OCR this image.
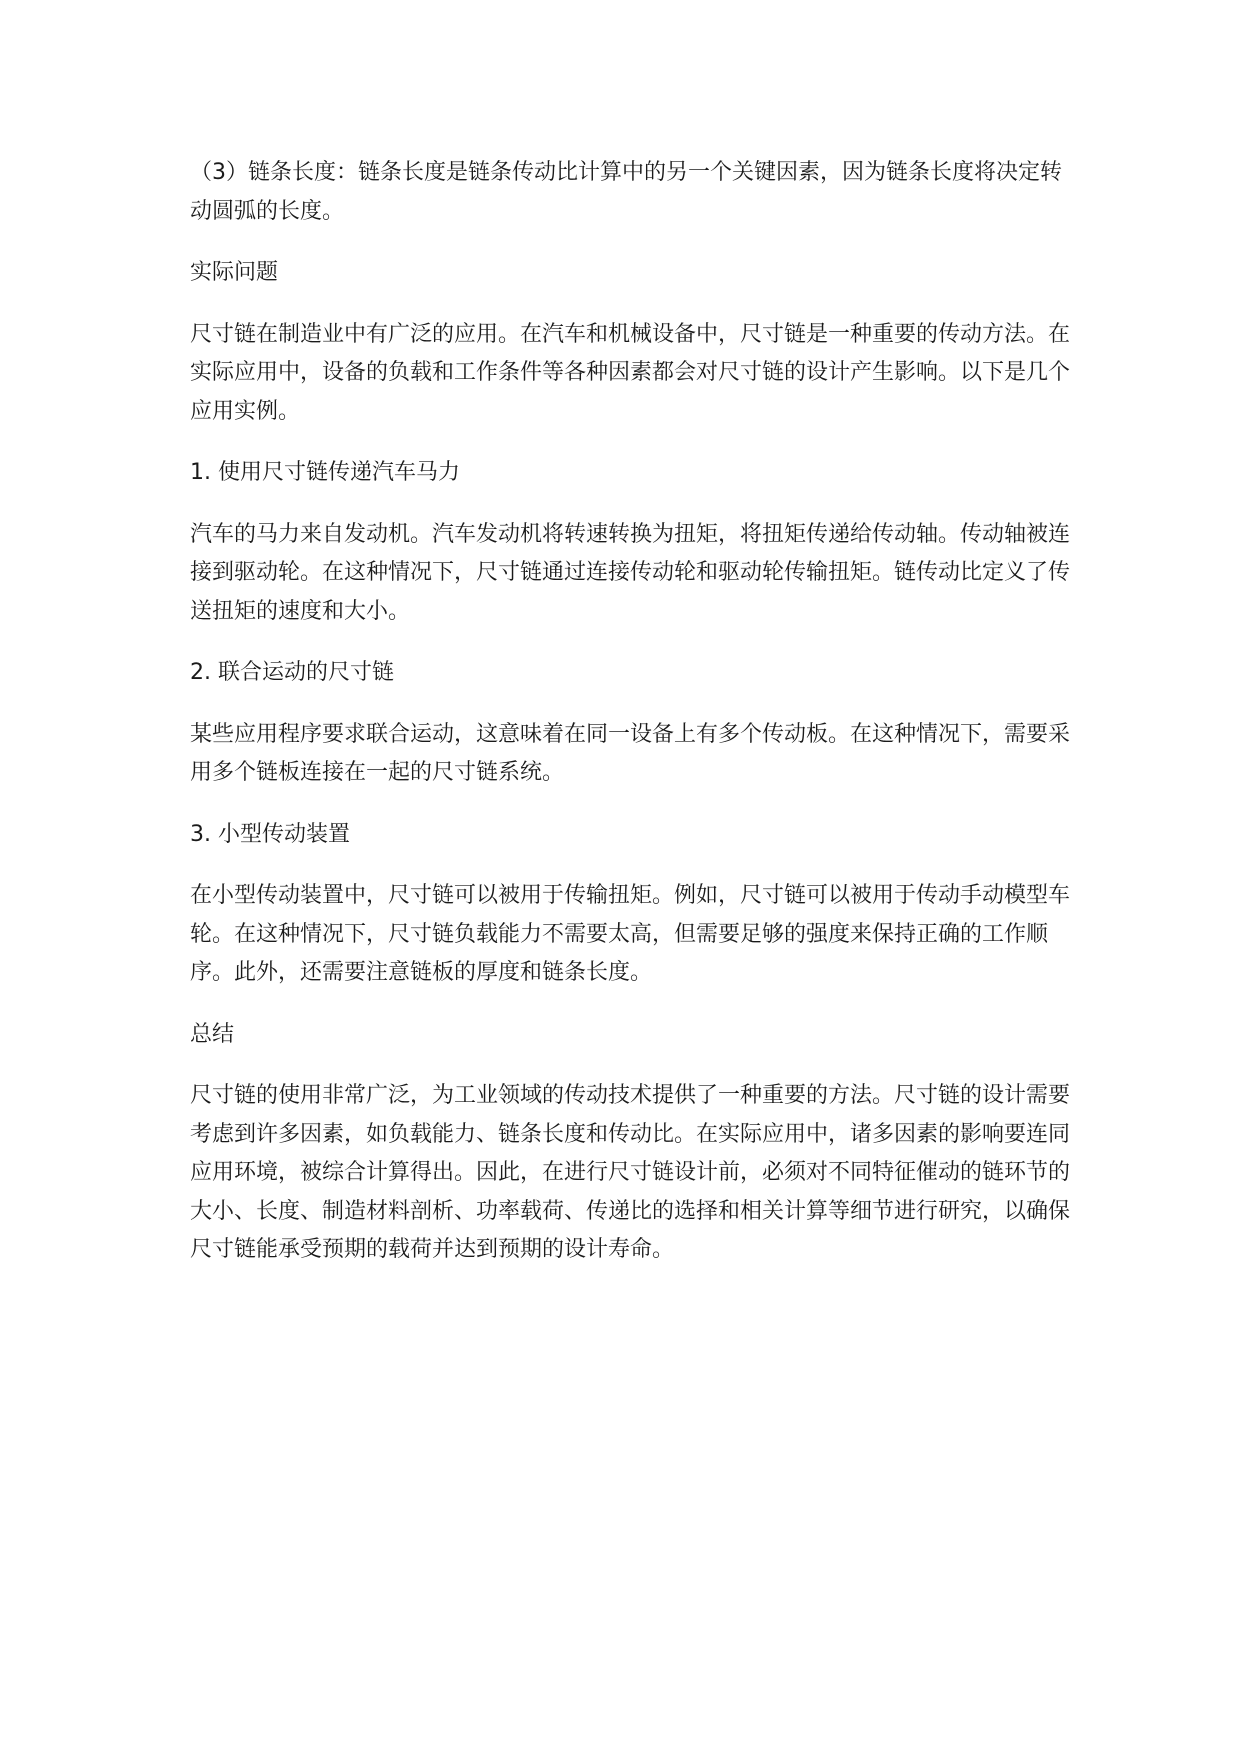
（3）链条长度：链条长度是链条传动比计算中的另一个关键因素，因为链条长度将决定转动圆弧的长度。

实际问题

尺寸链在制造业中有广泛的应用。在汽车和机械设备中，尺寸链是一种重要的传动方法。在实际应用中，设备的负载和工作条件等各种因素都会对尺寸链的设计产生影响。以下是几个应用实例。

1. 使用尺寸链传递汽车马力

汽车的马力来自发动机。汽车发动机将转速转换为扭矩，将扭矩传递给传动轴。传动轴被连接到驱动轮。在这种情况下，尺寸链通过连接传动轮和驱动轮传输扭矩。链传动比定义了传送扭矩的速度和大小。

2. 联合运动的尺寸链

某些应用程序要求联合运动，这意味着在同一设备上有多个传动板。在这种情况下，需要采用多个链板连接在一起的尺寸链系统。

3. 小型传动装置

在小型传动装置中，尺寸链可以被用于传输扭矩。例如，尺寸链可以被用于传动手动模型车轮。在这种情况下，尺寸链负载能力不需要太高，但需要足够的强度来保持正确的工作顺序。此外，还需要注意链板的厚度和链条长度。

总结

尺寸链的使用非常广泛，为工业领域的传动技术提供了一种重要的方法。尺寸链的设计需要考虑到许多因素，如负载能力、链条长度和传动比。在实际应用中，诸多因素的影响要连同应用环境，被综合计算得出。因此，在进行尺寸链设计前，必须对不同特征催动的链环节的大小、长度、制造材料剖析、功率载荷、传递比的选择和相关计算等细节进行研究，以确保尺寸链能承受预期的载荷并达到预期的设计寿命。
